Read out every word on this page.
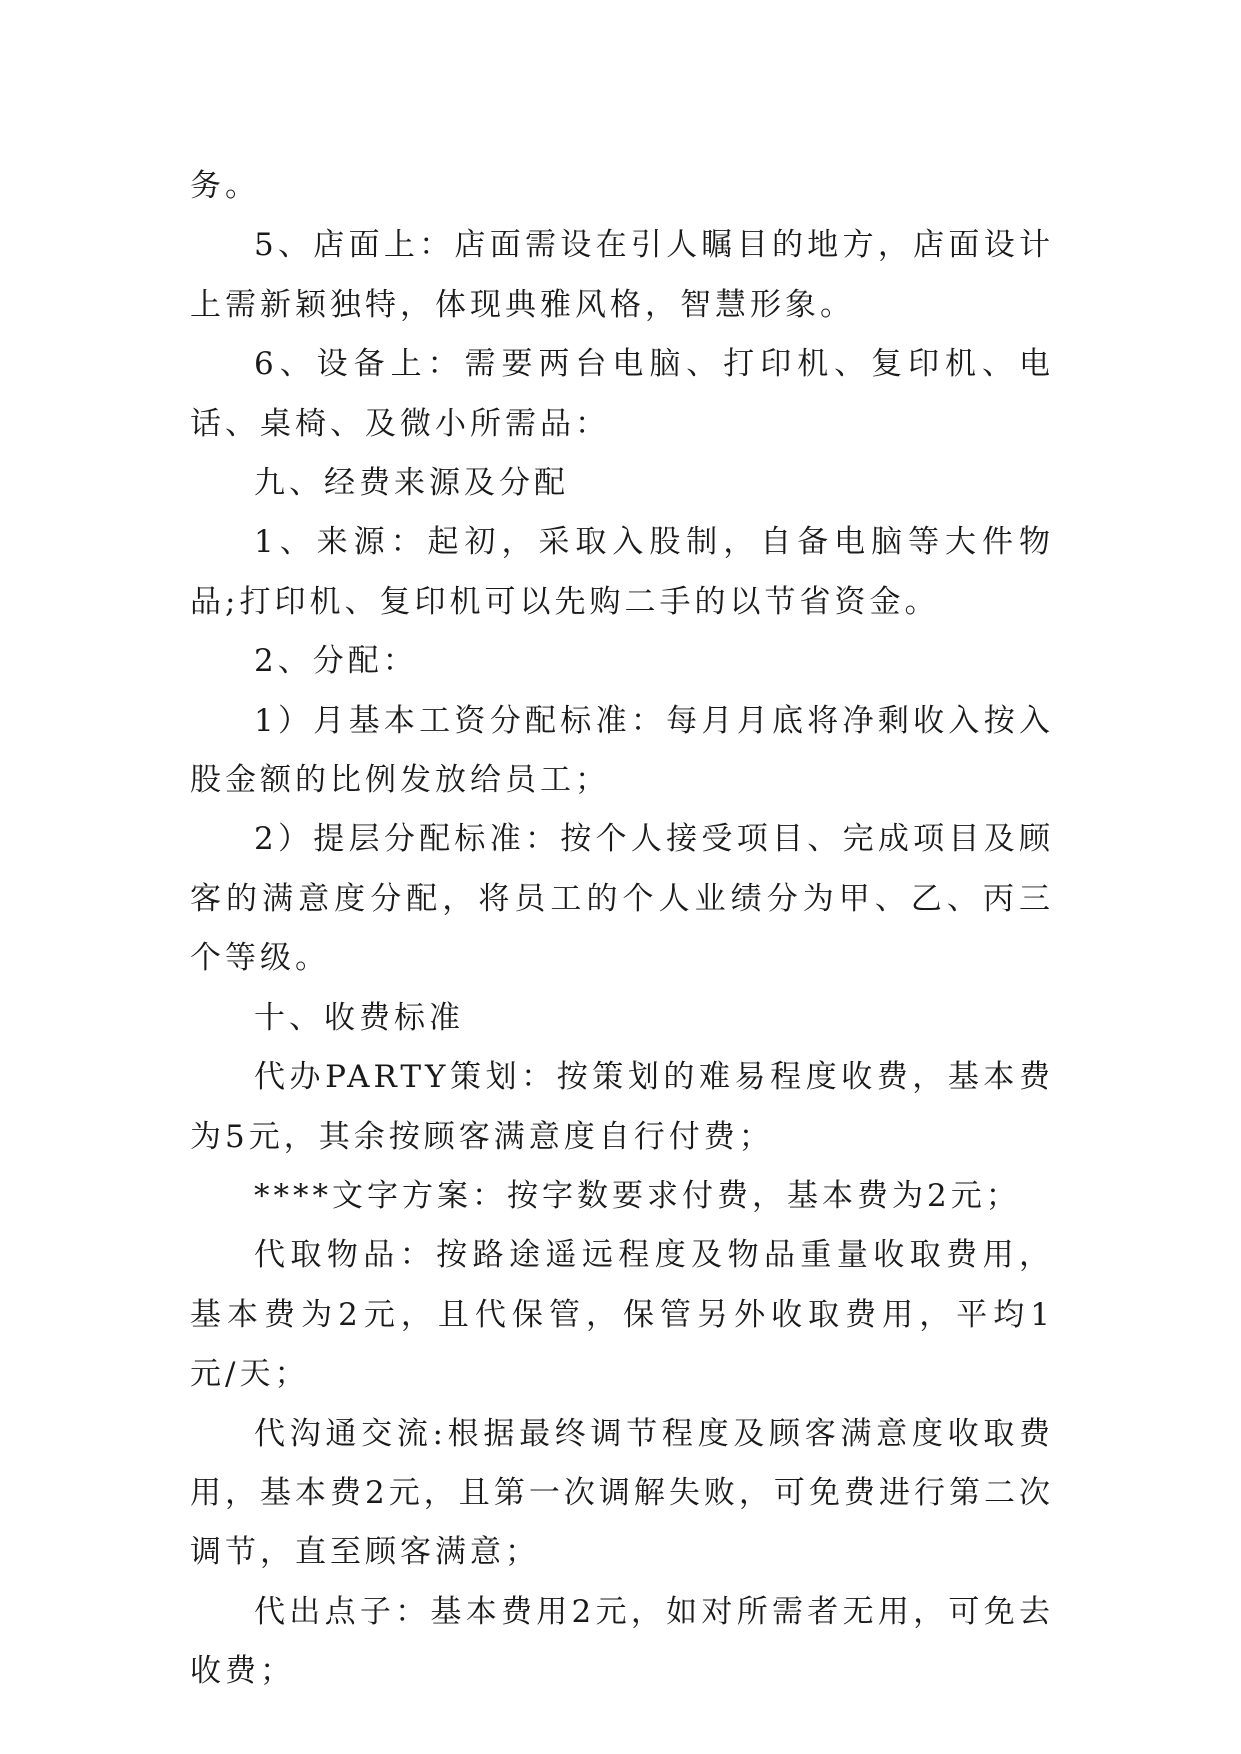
务。

5、店面上：店面需设在引人瞩目的地方，店面设计上需新颖独特，体现典雅风格，智慧形象。

6、设备上：需要两台电脑、打印机、复印机、电话、桌椅、及微小所需品：

九、经费来源及分配

1、来源：起初，采取入股制，自备电脑等大件物品;打印机、复印机可以先购二手的以节省资金。

2、分配：

1）月基本工资分配标准：每月月底将净剩收入按入股金额的比例发放给员工；

2）提层分配标准：按个人接受项目、完成项目及顾客的满意度分配，将员工的个人业绩分为甲、乙、丙三个等级。

十、收费标准

代办PARTY策划：按策划的难易程度收费，基本费为5元，其余按顾客满意度自行付费；

****文字方案：按字数要求付费，基本费为2元；

代取物品：按路途遥远程度及物品重量收取费用，基本费为2元，且代保管，保管另外收取费用，平均1元/天；

代沟通交流:根据最终调节程度及顾客满意度收取费用，基本费2元，且第一次调解失败，可免费进行第二次调节，直至顾客满意；

代出点子：基本费用2元，如对所需者无用，可免去收费；
